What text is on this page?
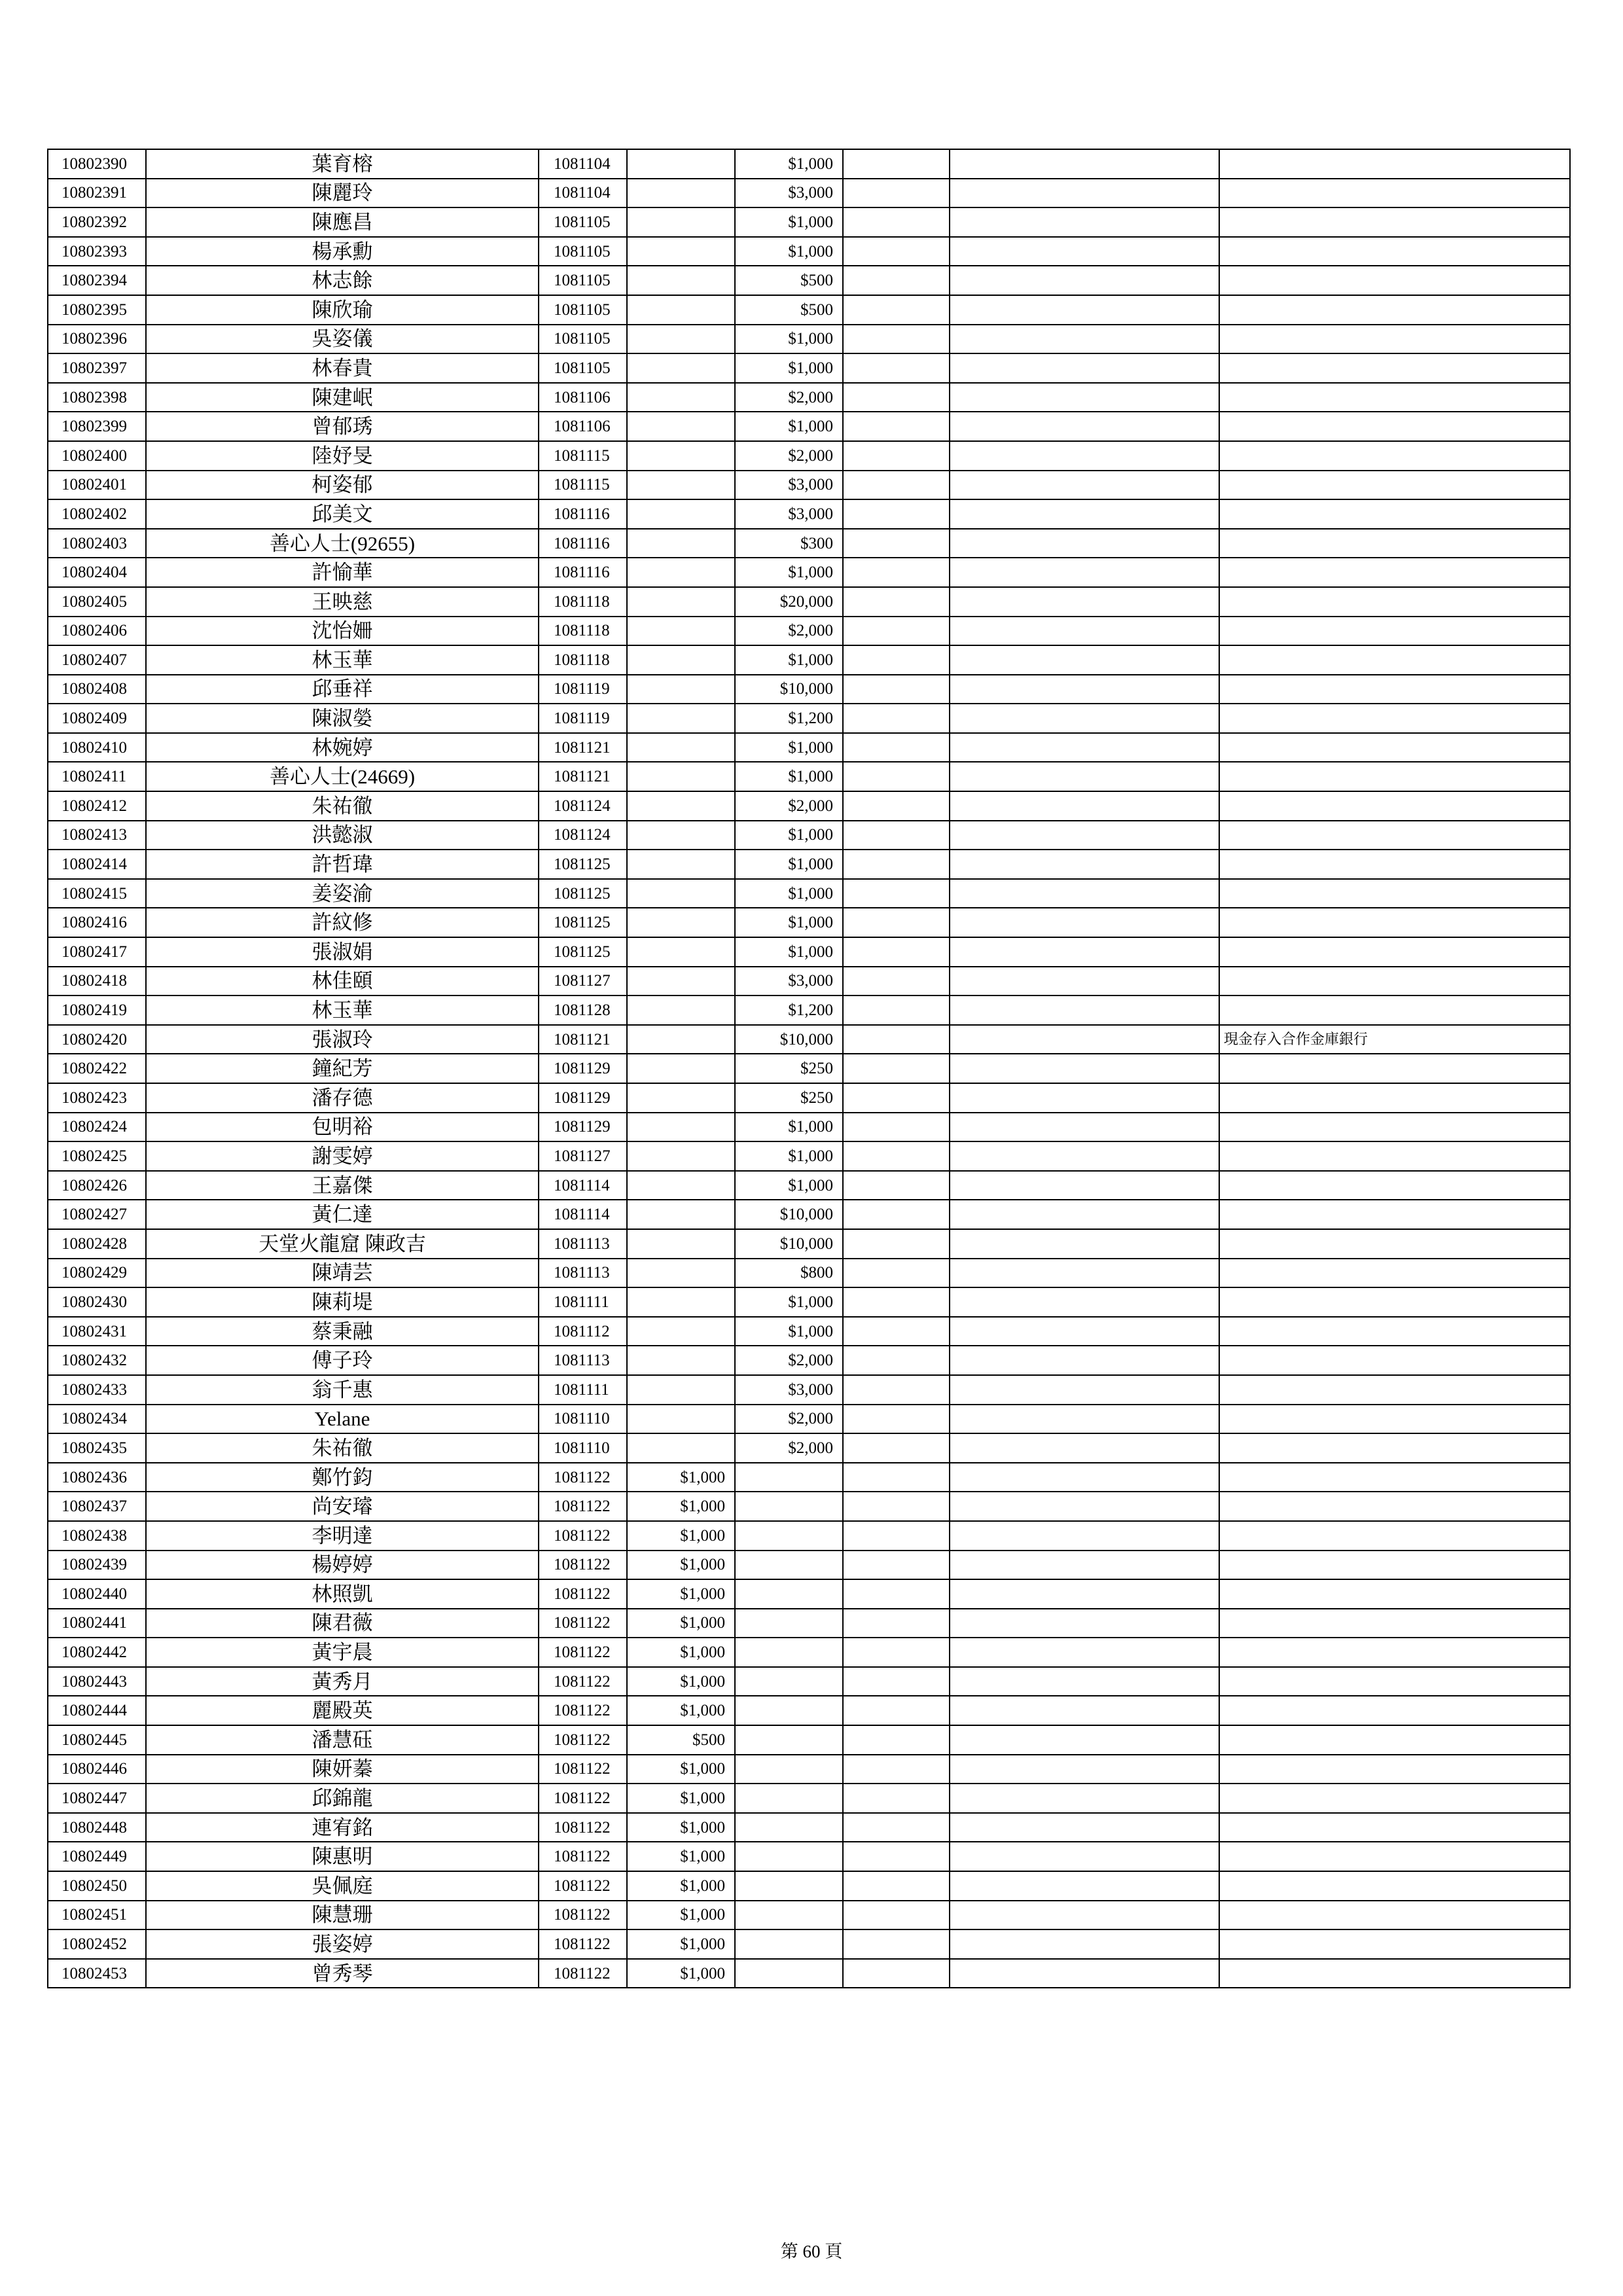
10802390	葉育榕	1081104		$1,000			
10802391	陳麗玲	1081104		$3,000			
10802392	陳應昌	1081105		$1,000			
10802393	楊承勳	1081105		$1,000			
10802394	林志餘	1081105		$500			
10802395	陳欣瑜	1081105		$500			
10802396	吳姿儀	1081105		$1,000			
10802397	林春貴	1081105		$1,000			
10802398	陳建岷	1081106		$2,000			
10802399	曾郁琇	1081106		$1,000			
10802400	陸妤旻	1081115		$2,000			
10802401	柯姿郁	1081115		$3,000			
10802402	邱美文	1081116		$3,000			
10802403	善心人士(92655)	1081116		$300			
10802404	許愉華	1081116		$1,000			
10802405	王映慈	1081118		$20,000			
10802406	沈怡姍	1081118		$2,000			
10802407	林玉華	1081118		$1,000			
10802408	邱垂祥	1081119		$10,000			
10802409	陳淑嫈	1081119		$1,200			
10802410	林婉婷	1081121		$1,000			
10802411	善心人士(24669)	1081121		$1,000			
10802412	朱祐徹	1081124		$2,000			
10802413	洪懿淑	1081124		$1,000			
10802414	許哲瑋	1081125		$1,000			
10802415	姜姿渝	1081125		$1,000			
10802416	許紋修	1081125		$1,000			
10802417	張淑娟	1081125		$1,000			
10802418	林佳頤	1081127		$3,000			
10802419	林玉華	1081128		$1,200			
10802420	張淑玲	1081121		$10,000			現金存入合作金庫銀行
10802422	鐘紀芳	1081129		$250			
10802423	潘存德	1081129		$250			
10802424	包明裕	1081129		$1,000			
10802425	謝雯婷	1081127		$1,000			
10802426	王嘉傑	1081114		$1,000			
10802427	黃仁達	1081114		$10,000			
10802428	天堂火龍窟 陳政吉	1081113		$10,000			
10802429	陳靖芸	1081113		$800			
10802430	陳莉堤	1081111		$1,000			
10802431	蔡秉融	1081112		$1,000			
10802432	傅子玲	1081113		$2,000			
10802433	翁千惠	1081111		$3,000			
10802434	Yelane	1081110		$2,000			
10802435	朱祐徹	1081110		$2,000			
10802436	鄭竹鈞	1081122	$1,000				
10802437	尚安璿	1081122	$1,000				
10802438	李明達	1081122	$1,000				
10802439	楊婷婷	1081122	$1,000				
10802440	林照凱	1081122	$1,000				
10802441	陳君薇	1081122	$1,000				
10802442	黃宇晨	1081122	$1,000				
10802443	黃秀月	1081122	$1,000				
10802444	麗殿英	1081122	$1,000				
10802445	潘慧砡	1081122	$500				
10802446	陳妍蓁	1081122	$1,000				
10802447	邱錦龍	1081122	$1,000				
10802448	連宥銘	1081122	$1,000				
10802449	陳惠明	1081122	$1,000				
10802450	吳佩庭	1081122	$1,000				
10802451	陳慧珊	1081122	$1,000				
10802452	張姿婷	1081122	$1,000				
10802453	曾秀琴	1081122	$1,000				
第 60 頁
